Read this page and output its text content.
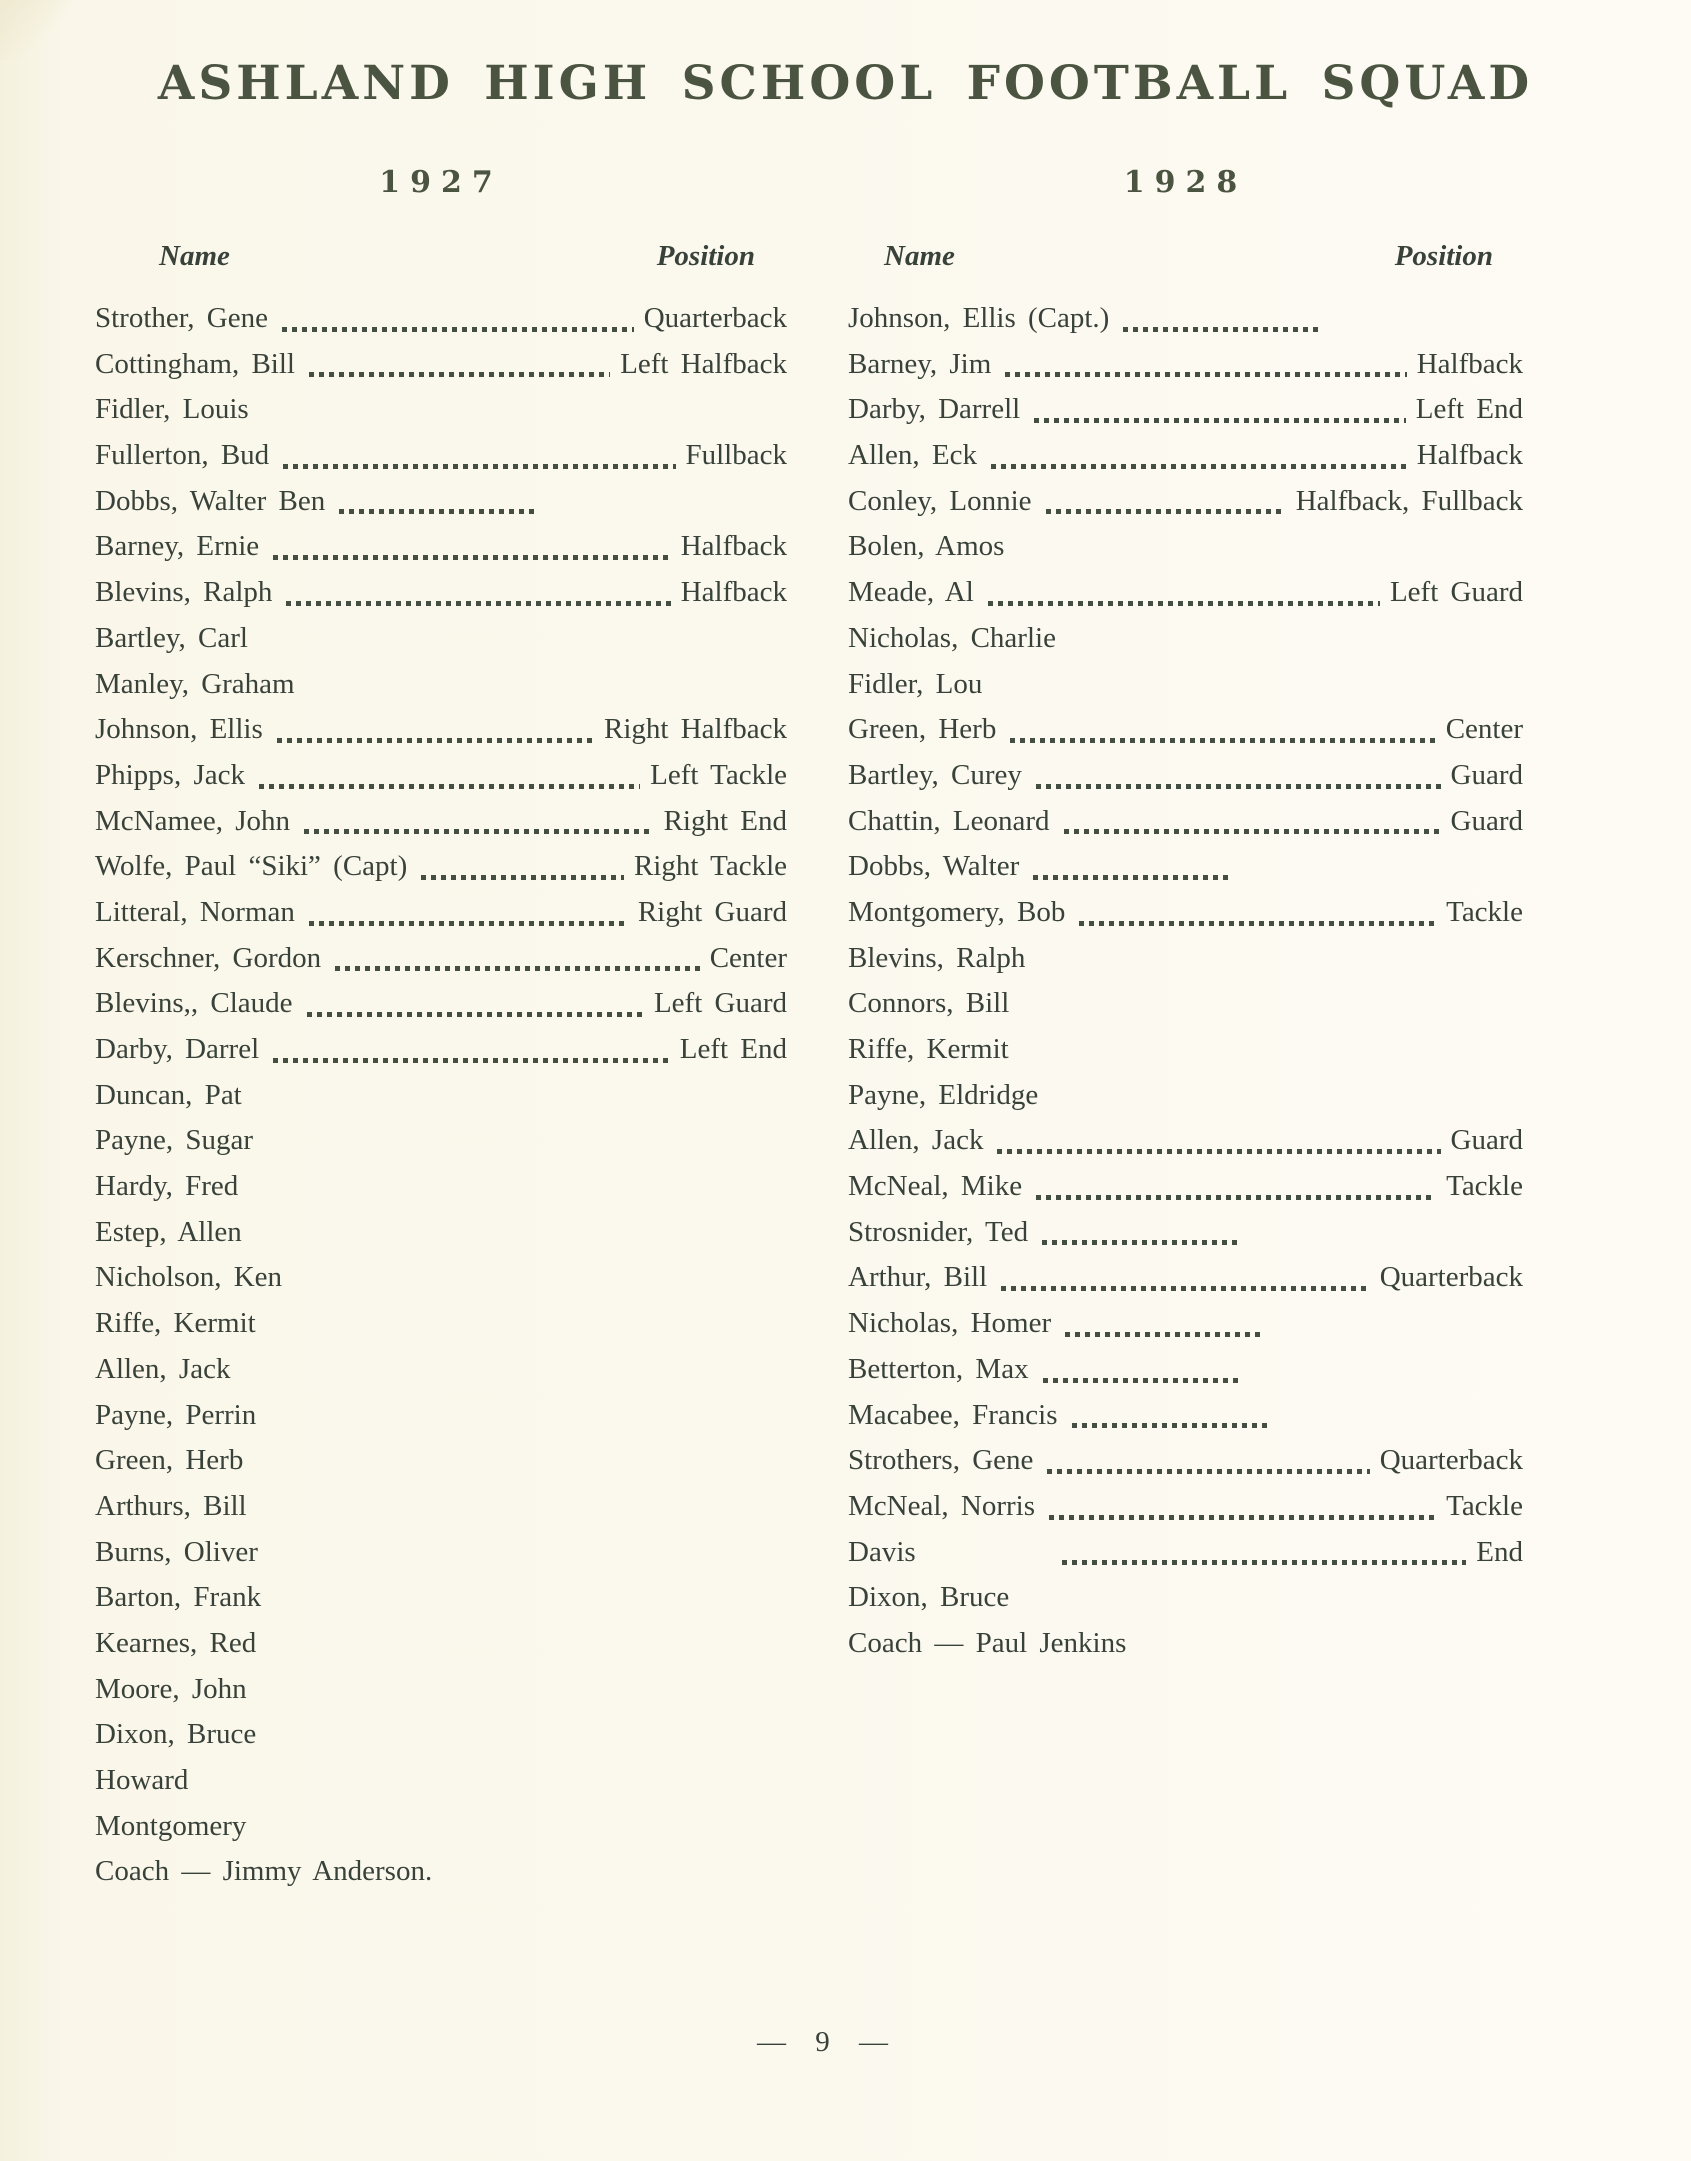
ASHLAND HIGH SCHOOL FOOTBALL SQUAD
1927
Name	Position
Strother, Gene	Quarterback
Cottingham, Bill	Left Halfback
Fidler, Louis
Fullerton, Bud	Fullback
Dobbs, Walter Ben
Barney, Ernie	Halfback
Blevins, Ralph	Halfback
Bartley, Carl
Manley, Graham
Johnson, Ellis	Right Halfback
Phipps, Jack	Left Tackle
McNamee, John	Right End
Wolfe, Paul “Siki” (Capt)	Right Tackle
Litteral, Norman	Right Guard
Kerschner, Gordon	Center
Blevins,, Claude	Left Guard
Darby, Darrel	Left End
Duncan, Pat
Payne, Sugar
Hardy, Fred
Estep, Allen
Nicholson, Ken
Riffe, Kermit
Allen, Jack
Payne, Perrin
Green, Herb
Arthurs, Bill
Burns, Oliver
Barton, Frank
Kearnes, Red
Moore, John
Dixon, Bruce
Howard
Montgomery
Coach — Jimmy Anderson.
1928
Name	Position
Johnson, Ellis (Capt.)
Barney, Jim	Halfback
Darby, Darrell	Left End
Allen, Eck	Halfback
Conley, Lonnie	Halfback, Fullback
Bolen, Amos
Meade, Al	Left Guard
Nicholas, Charlie
Fidler, Lou
Green, Herb	Center
Bartley, Curey	Guard
Chattin, Leonard	Guard
Dobbs, Walter
Montgomery, Bob	Tackle
Blevins, Ralph
Connors, Bill
Riffe, Kermit
Payne, Eldridge
Allen, Jack	Guard
McNeal, Mike	Tackle
Strosnider, Ted
Arthur, Bill	Quarterback
Nicholas, Homer
Betterton, Max
Macabee, Francis
Strothers, Gene	Quarterback
McNeal, Norris	Tackle
Davis	End
Dixon, Bruce
Coach — Paul Jenkins
— 9 —
